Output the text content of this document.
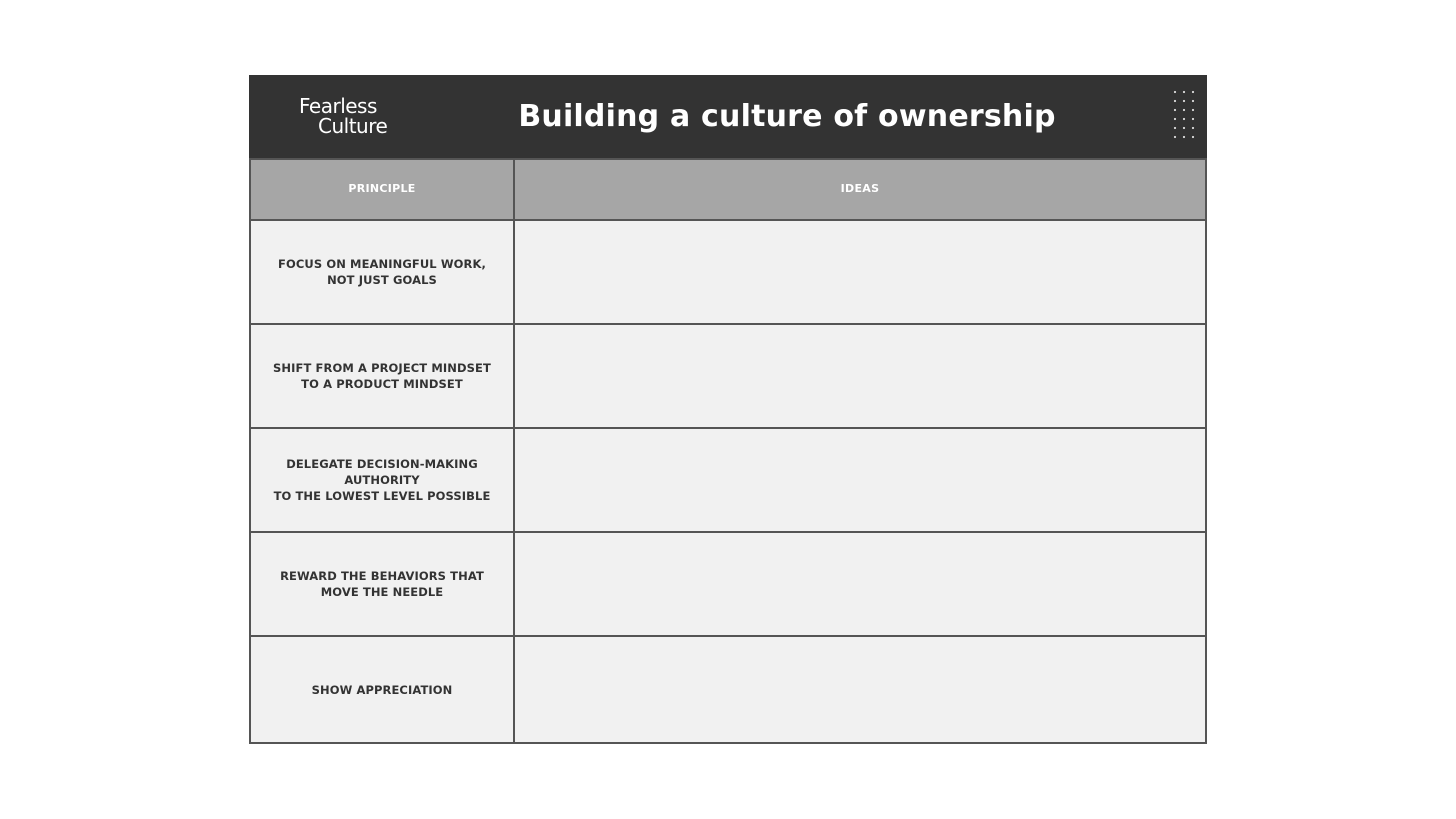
Fearless
Culture	Building a culture of ownership
PRINCIPLE	IDEAS
FOCUS ON MEANINGFUL WORK,
NOT JUST GOALS
SHIFT FROM A PROJECT MINDSET
TO A PRODUCT MINDSET
DELEGATE DECISION-MAKING
AUTHORITY
TO THE LOWEST LEVEL POSSIBLE
REWARD THE BEHAVIORS THAT
MOVE THE NEEDLE
SHOW APPRECIATION
